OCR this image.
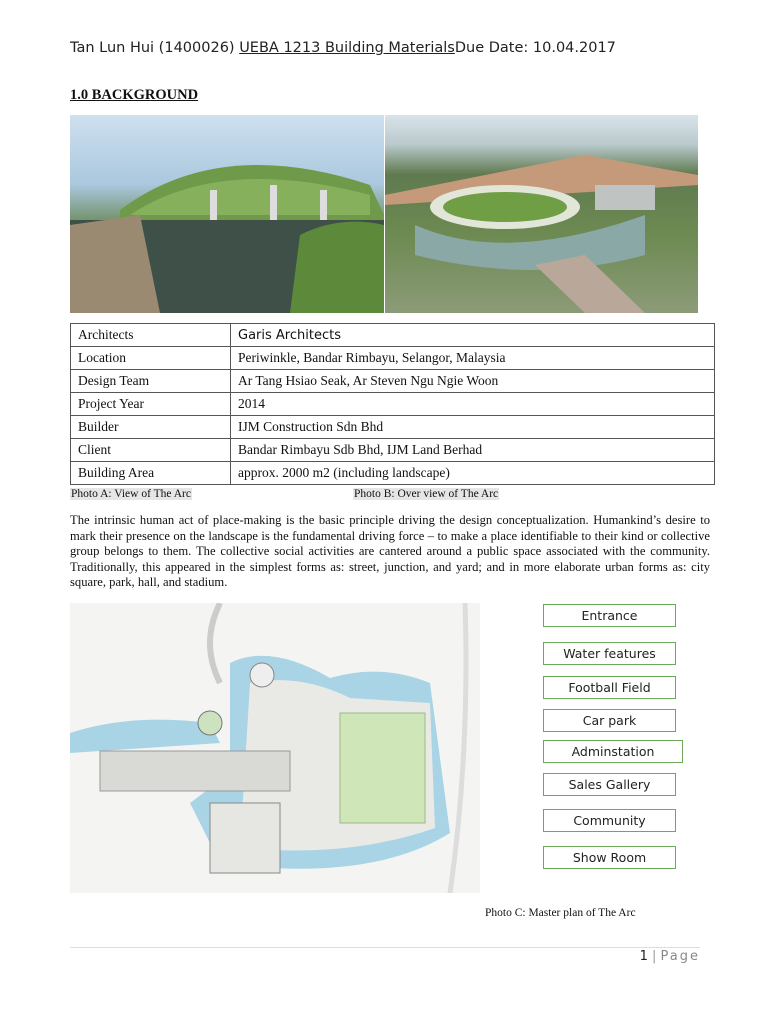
Tan Lun Hui (1400026) UEBA 1213 Building MaterialsDue Date: 10.04.2017
1.0 BACKGROUND
Architects	Garis Architects
Location	Periwinkle, Bandar Rimbayu, Selangor, Malaysia
Design Team	Ar Tang Hsiao Seak, Ar Steven Ngu Ngie Woon
Project Year	2014
Builder	IJM Construction Sdn Bhd
Client	Bandar Rimbayu Sdb Bhd, IJM Land Berhad
Building Area	approx. 2000 m2 (including landscape)
Photo A: View of The Arc	Photo B: Over view of The Arc
The intrinsic human act of place-making is the basic principle driving the design conceptualization. Humankind’s desire to mark their presence on the landscape is the fundamental driving force – to make a place identifiable to their kind or collective group belongs to them. The collective social activities are cantered around a public space associated with the community. Traditionally, this appeared in the simplest forms as: street, junction, and yard; and in more elaborate urban forms as: city square, park, hall, and stadium.
Entrance
Water features
Football Field
Car park
Adminstation
Sales Gallery
Community
Show Room
Photo C: Master plan of The Arc
1 | Page
